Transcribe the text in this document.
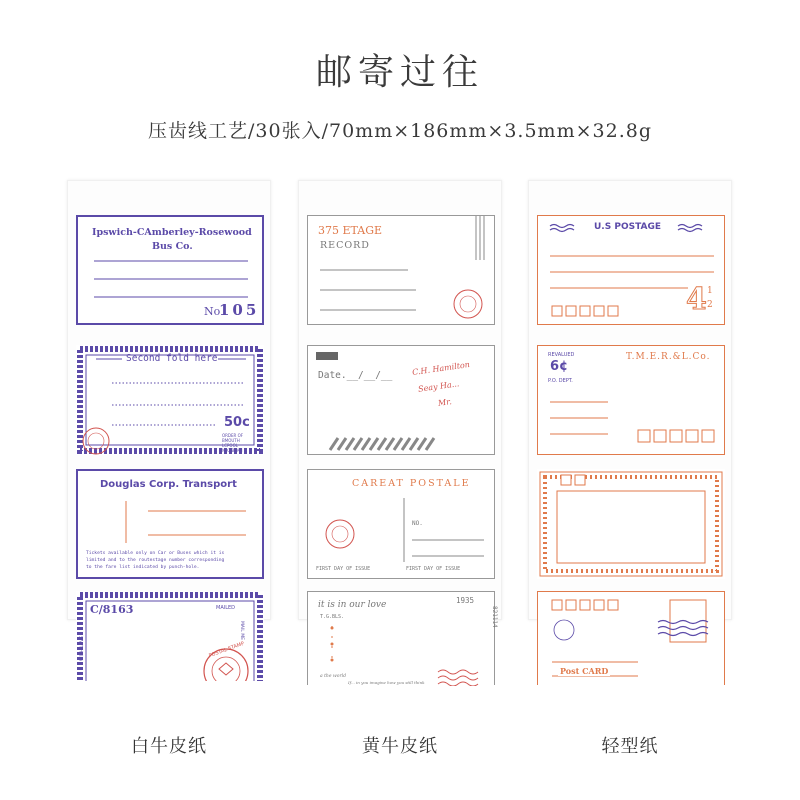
邮寄过往
压齿线工艺/30张入/70mm×186mm×3.5mm×32.8g
Ipswich-CAmberley-Rosewood
Bus Co.
No
105
Second fold here
50c
ORDER OF BMOUTH LCPOOL NIKABSAN
Douglas Corp. Transport
Tickets available only on Car or Buses which it is
limited and to the routestage number corresponding
to the fare list indicated by punch-hole.
C/8163	MAILED
WITH LOVE
MAIL ME
POSTAL STAMP
375 ETAGE
RECORD
Date.__/__/__ C.H. Hamilton
Seay Ha...
Mr.
CAREAT POSTALE
NO.
FIRST DAY OF ISSUE	FIRST DAY OF ISSUE
it is in our love	1935
T.G.BLS.	821114
a the world
If... in you imagine how you still think
U.S POSTAGE
4 1
2
REVALUED
6¢
P.O. DEPT.
T.M.E.R.&L.Co.
Post CARD
白牛皮纸	黄牛皮纸	轻型纸
